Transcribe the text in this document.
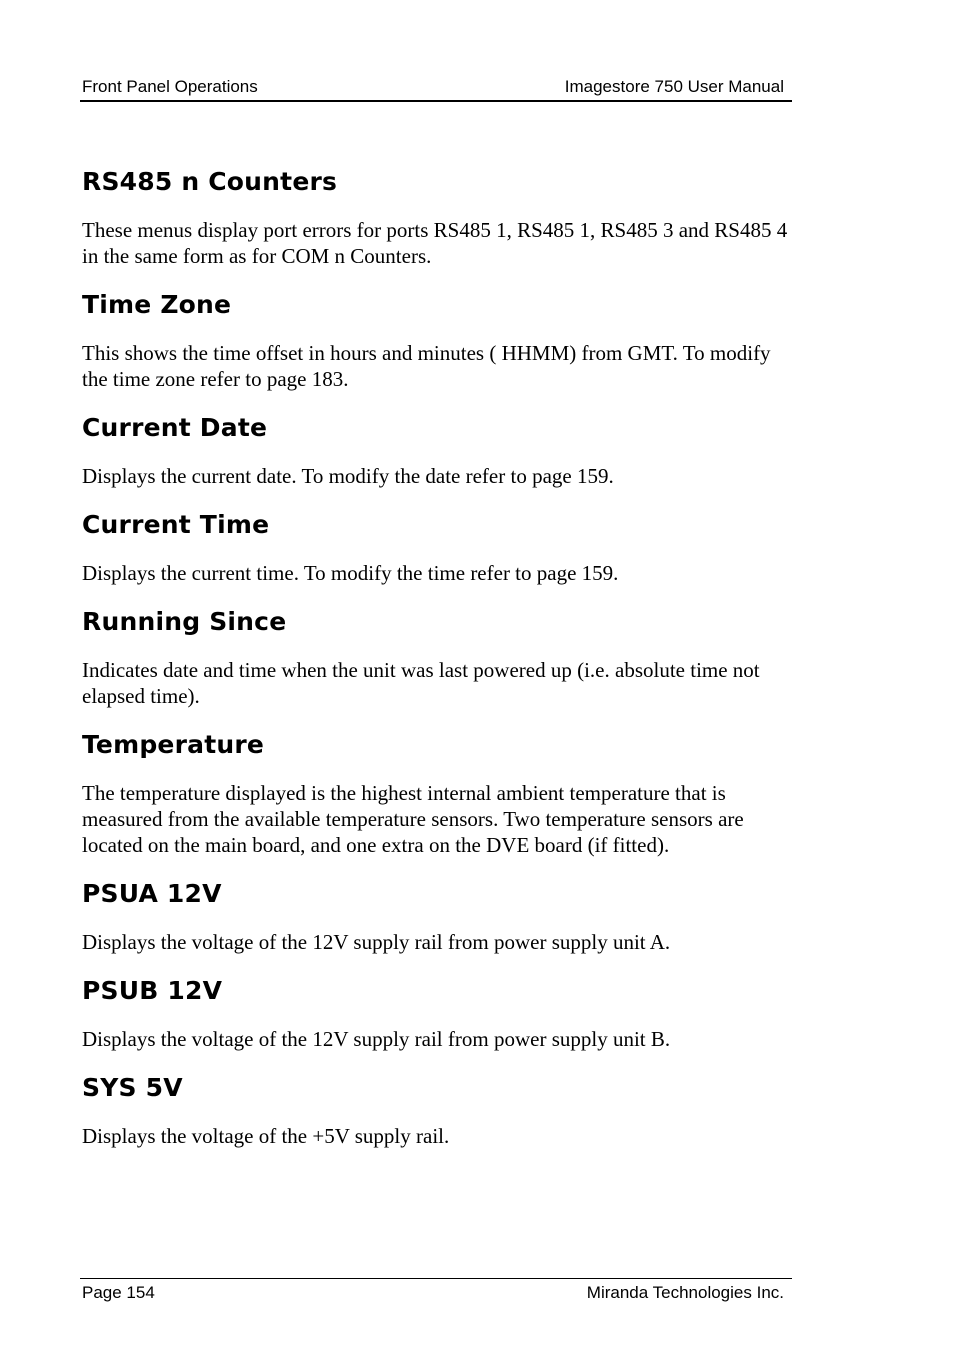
Front Panel Operations	Imagestore 750 User Manual
RS485 n Counters

These menus display port errors for ports RS485 1, RS485 1, RS485 3 and RS485 4 in the same form as for COM n Counters.

Time Zone

This shows the time offset in hours and minutes ( HHMM) from GMT. To modify the time zone refer to page 183.

Current Date

Displays the current date. To modify the date refer to page 159.

Current Time

Displays the current time. To modify the time refer to page 159.

Running Since

Indicates date and time when the unit was last powered up (i.e. absolute time not elapsed time).

Temperature

The temperature displayed is the highest internal ambient temperature that is measured from the available temperature sensors. Two temperature sensors are located on the main board, and one extra on the DVE board (if fitted).

PSUA 12V

Displays the voltage of the 12V supply rail from power supply unit A.

PSUB 12V

Displays the voltage of the 12V supply rail from power supply unit B.

SYS 5V

Displays the voltage of the +5V supply rail.

Page 154	Miranda Technologies Inc.
